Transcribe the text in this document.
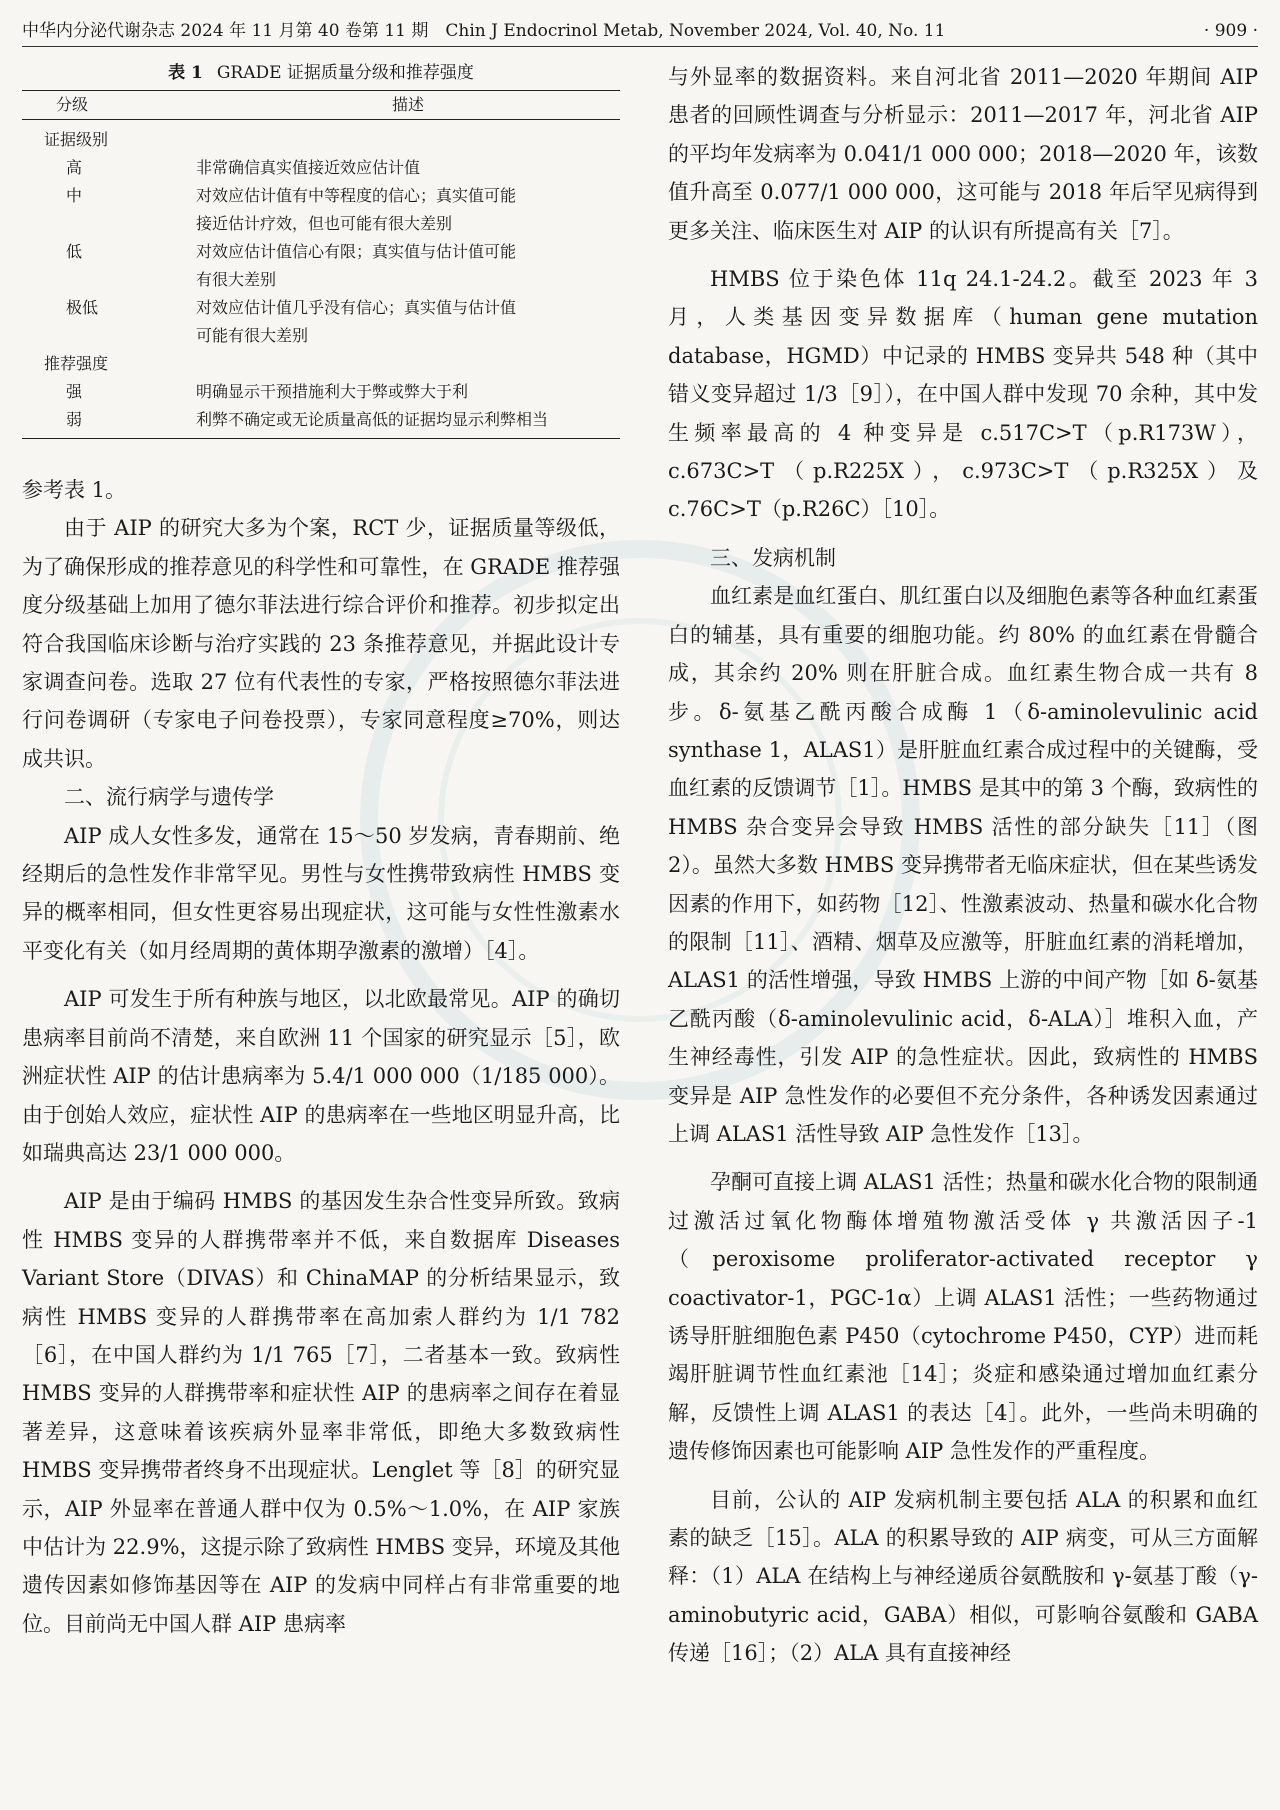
中华内分泌代谢杂志 2024 年 11 月第 40 卷第 11 期　Chin J Endocrinol Metab, November 2024, Vol. 40, No. 11	· 909 ·
表 1 GRADE 证据质量分级和推荐强度
分级	描述
证据级别	
高	非常确信真实值接近效应估计值

中	对效应估计值有中等程度的信心；真实值可能
接近估计疗效，但也可能有很大差别

低	对效应估计值信心有限；真实值与估计值可能
有很大差别

极低	对效应估计值几乎没有信心；真实值与估计值
可能有很大差别

推荐强度	
强	明确显示干预措施利大于弊或弊大于利

弱	利弊不确定或无论质量高低的证据均显示利弊相当

参考表 1。

由于 AIP 的研究大多为个案，RCT 少，证据质量等级低，为了确保形成的推荐意见的科学性和可靠性，在 GRADE 推荐强度分级基础上加用了德尔菲法进行综合评价和推荐。初步拟定出符合我国临床诊断与治疗实践的 23 条推荐意见，并据此设计专家调查问卷。选取 27 位有代表性的专家，严格按照德尔菲法进行问卷调研（专家电子问卷投票），专家同意程度≥70%，则达成共识。

二、流行病学与遗传学

AIP 成人女性多发，通常在 15～50 岁发病，青春期前、绝经期后的急性发作非常罕见。男性与女性携带致病性 HMBS 变异的概率相同，但女性更容易出现症状，这可能与女性性激素水平变化有关（如月经周期的黄体期孕激素的激增）［4］。

AIP 可发生于所有种族与地区，以北欧最常见。AIP 的确切患病率目前尚不清楚，来自欧洲 11 个国家的研究显示［5］，欧洲症状性 AIP 的估计患病率为 5.4/1 000 000（1/185 000）。由于创始人效应，症状性 AIP 的患病率在一些地区明显升高，比如瑞典高达 23/1 000 000。

AIP 是由于编码 HMBS 的基因发生杂合性变异所致。致病性 HMBS 变异的人群携带率并不低，来自数据库 Diseases Variant Store（DIVAS）和 ChinaMAP 的分析结果显示，致病性 HMBS 变异的人群携带率在高加索人群约为 1/1 782［6］，在中国人群约为 1/1 765［7］，二者基本一致。致病性 HMBS 变异的人群携带率和症状性 AIP 的患病率之间存在着显著差异，这意味着该疾病外显率非常低，即绝大多数致病性 HMBS 变异携带者终身不出现症状。Lenglet 等［8］的研究显示，AIP 外显率在普通人群中仅为 0.5%～1.0%，在 AIP 家族中估计为 22.9%，这提示除了致病性 HMBS 变异，环境及其他遗传因素如修饰基因等在 AIP 的发病中同样占有非常重要的地位。目前尚无中国人群 AIP 患病率

与外显率的数据资料。来自河北省 2011—2020 年期间 AIP 患者的回顾性调查与分析显示：2011—2017 年，河北省 AIP 的平均年发病率为 0.041/1 000 000；2018—2020 年，该数值升高至 0.077/1 000 000，这可能与 2018 年后罕见病得到更多关注、临床医生对 AIP 的认识有所提高有关［7］。

HMBS 位于染色体 11q 24.1-24.2。截至 2023 年 3 月，人类基因变异数据库（human gene mutation database，HGMD）中记录的 HMBS 变异共 548 种（其中错义变异超过 1/3［9］），在中国人群中发现 70 余种，其中发生频率最高的 4 种变异是 c.517C>T（p.R173W），c.673C>T（p.R225X），c.973C>T（p.R325X）及 c.76C>T（p.R26C）［10］。

三、发病机制

血红素是血红蛋白、肌红蛋白以及细胞色素等各种血红素蛋白的辅基，具有重要的细胞功能。约 80% 的血红素在骨髓合成，其余约 20% 则在肝脏合成。血红素生物合成一共有 8 步。δ-氨基乙酰丙酸合成酶 1（δ-aminolevulinic acid synthase 1，ALAS1）是肝脏血红素合成过程中的关键酶，受血红素的反馈调节［1］。HMBS 是其中的第 3 个酶，致病性的 HMBS 杂合变异会导致 HMBS 活性的部分缺失［11］（图 2）。虽然大多数 HMBS 变异携带者无临床症状，但在某些诱发因素的作用下，如药物［12］、性激素波动、热量和碳水化合物的限制［11］、酒精、烟草及应激等，肝脏血红素的消耗增加，ALAS1 的活性增强，导致 HMBS 上游的中间产物［如 δ-氨基乙酰丙酸（δ-aminolevulinic acid，δ-ALA）］堆积入血，产生神经毒性，引发 AIP 的急性症状。因此，致病性的 HMBS 变异是 AIP 急性发作的必要但不充分条件，各种诱发因素通过上调 ALAS1 活性导致 AIP 急性发作［13］。

孕酮可直接上调 ALAS1 活性；热量和碳水化合物的限制通过激活过氧化物酶体增殖物激活受体 γ 共激活因子-1（peroxisome proliferator-activated receptor γ coactivator-1，PGC-1α）上调 ALAS1 活性；一些药物通过诱导肝脏细胞色素 P450（cytochrome P450，CYP）进而耗竭肝脏调节性血红素池［14］；炎症和感染通过增加血红素分解，反馈性上调 ALAS1 的表达［4］。此外，一些尚未明确的遗传修饰因素也可能影响 AIP 急性发作的严重程度。

目前，公认的 AIP 发病机制主要包括 ALA 的积累和血红素的缺乏［15］。ALA 的积累导致的 AIP 病变，可从三方面解释：（1）ALA 在结构上与神经递质谷氨酰胺和 γ-氨基丁酸（γ-aminobutyric acid，GABA）相似，可影响谷氨酸和 GABA 传递［16］；（2）ALA 具有直接神经
